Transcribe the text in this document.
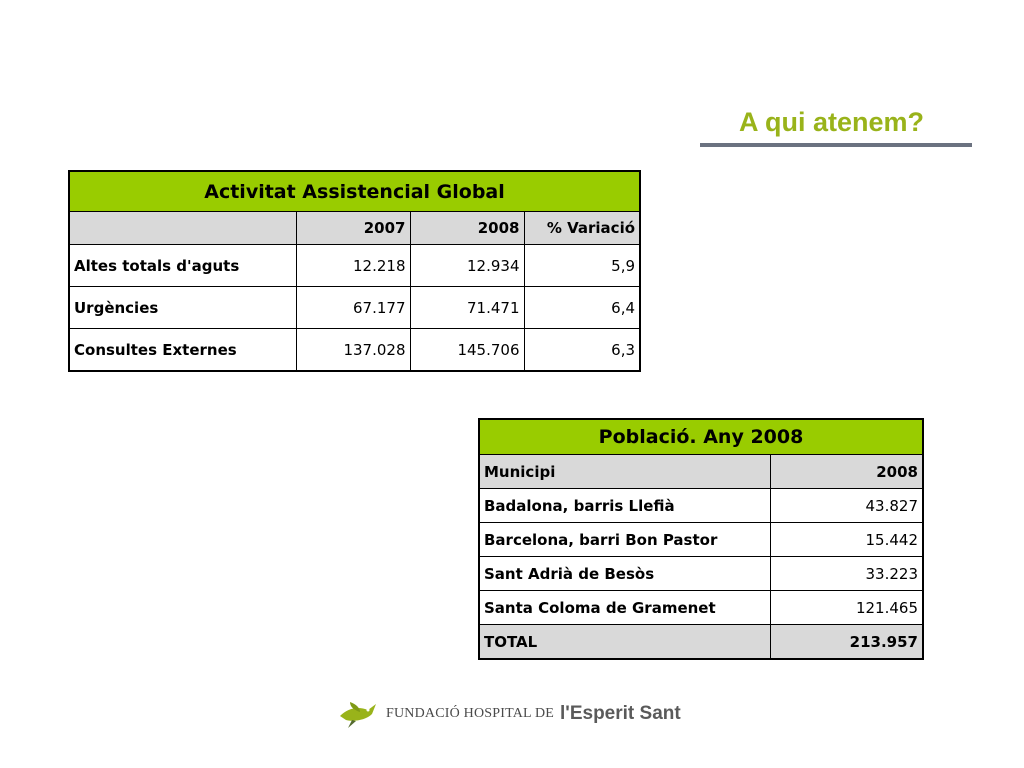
A qui atenem?
Activitat Assistencial Global			
	2007	2008	% Variació
Altes totals d'aguts	12.218	12.934	5,9
Urgències	67.177	71.471	6,4
Consultes Externes	137.028	145.706	6,3
Població. Any 2008	
Municipi	2008
Badalona, barris Llefià	43.827
Barcelona, barri Bon Pastor	15.442
Sant Adrià de Besòs	33.223
Santa Coloma de Gramenet	121.465
TOTAL	213.957
FUNDACIÓ HOSPITAL DE l'Esperit Sant
